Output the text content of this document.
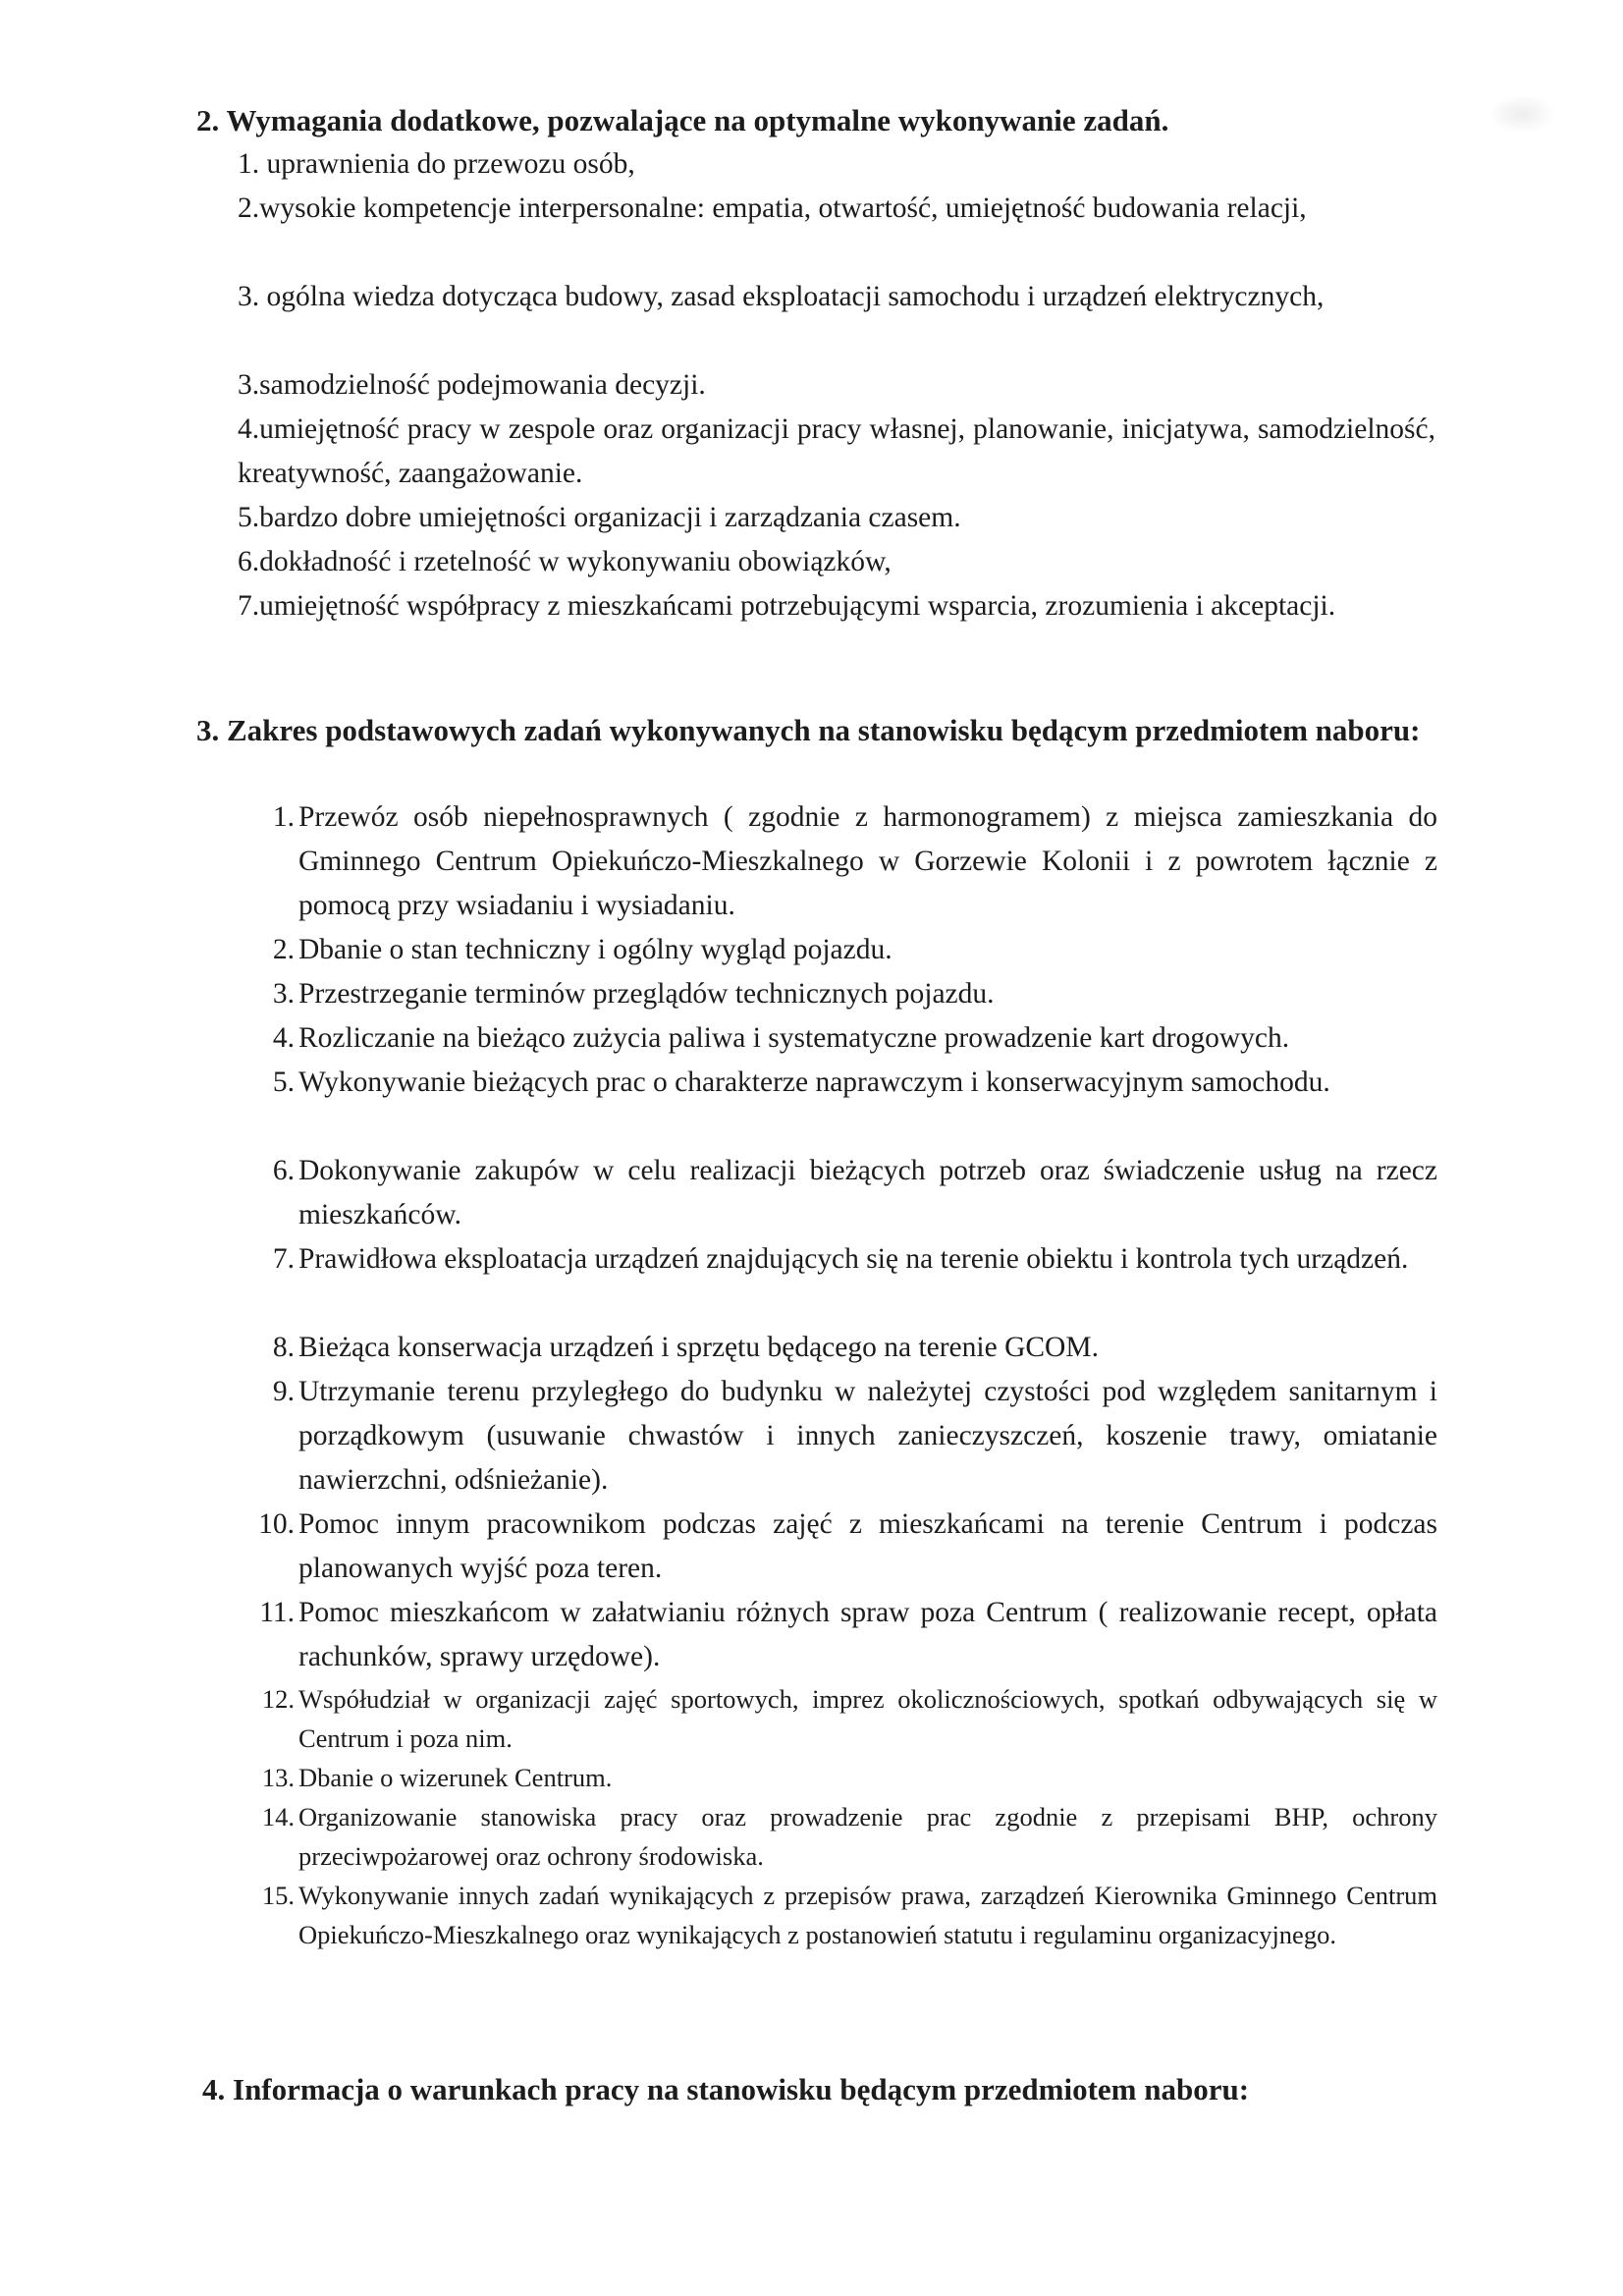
2. Wymagania dodatkowe, pozwalające na optymalne wykonywanie zadań.

1. uprawnienia do przewozu osób,

2.wysokie kompetencje interpersonalne: empatia, otwartość, umiejętność budowania relacji,

3. ogólna wiedza dotycząca budowy, zasad eksploatacji samochodu i urządzeń elektrycznych,

3.samodzielność podejmowania decyzji.

4.umiejętność pracy w zespole oraz organizacji pracy własnej, planowanie, inicjatywa, samodzielność, kreatywność, zaangażowanie.

5.bardzo dobre umiejętności organizacji i zarządzania czasem.

6.dokładność i rzetelność w wykonywaniu obowiązków,

7.umiejętność współpracy z mieszkańcami potrzebującymi wsparcia, zrozumienia i akceptacji.

3. Zakres podstawowych zadań wykonywanych na stanowisku będącym przedmiotem naboru:

1. Przewóz osób niepełnosprawnych ( zgodnie z harmonogramem) z miejsca zamieszkania do Gminnego Centrum Opiekuńczo-Mieszkalnego w Gorzewie Kolonii i z powrotem łącznie z pomocą przy wsiadaniu i wysiadaniu.
2. Dbanie o stan techniczny i ogólny wygląd pojazdu.
3. Przestrzeganie terminów przeglądów technicznych pojazdu.
4. Rozliczanie na bieżąco zużycia paliwa i systematyczne prowadzenie kart drogowych.
5. Wykonywanie bieżących prac o charakterze naprawczym i konserwacyjnym samochodu.
6. Dokonywanie zakupów w celu realizacji bieżących potrzeb oraz świadczenie usług na rzecz mieszkańców.
7. Prawidłowa eksploatacja urządzeń znajdujących się na terenie obiektu i kontrola tych urządzeń.
8. Bieżąca konserwacja urządzeń i sprzętu będącego na terenie GCOM.
9. Utrzymanie terenu przyległego do budynku w należytej czystości pod względem sanitarnym i porządkowym (usuwanie chwastów i innych zanieczyszczeń, koszenie trawy, omiatanie nawierzchni, odśnieżanie).
10. Pomoc innym pracownikom podczas zajęć z mieszkańcami na terenie Centrum i podczas planowanych wyjść poza teren.
11. Pomoc mieszkańcom w załatwianiu różnych spraw poza Centrum ( realizowanie recept, opłata rachunków, sprawy urzędowe).
12. Współudział w organizacji zajęć sportowych, imprez okolicznościowych, spotkań odbywających się w Centrum i poza nim.
13. Dbanie o wizerunek Centrum.
14. Organizowanie stanowiska pracy oraz prowadzenie prac zgodnie z przepisami BHP, ochrony przeciwpożarowej oraz ochrony środowiska.
15. Wykonywanie innych zadań wynikających z przepisów prawa, zarządzeń Kierownika Gminnego Centrum Opiekuńczo-Mieszkalnego oraz wynikających z postanowień statutu i regulaminu organizacyjnego.

4. Informacja o warunkach pracy na stanowisku będącym przedmiotem naboru:
